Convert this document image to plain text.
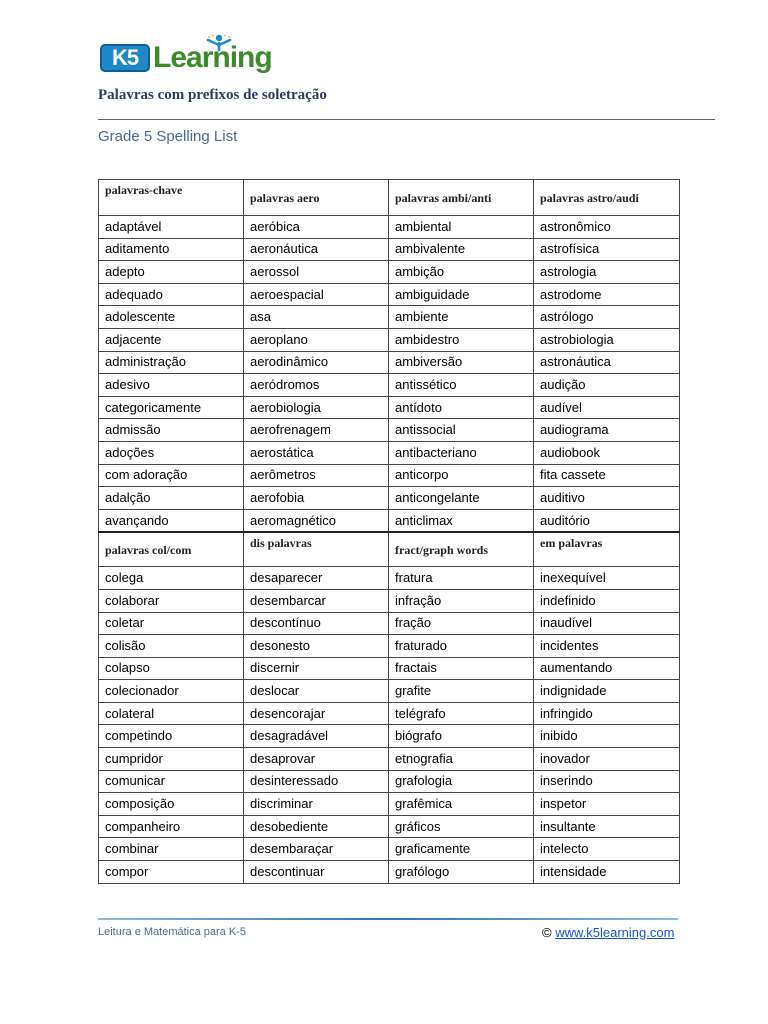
K5 Learning
Palavras com prefixos de soletração
Grade 5 Spelling List
palavras-chave	palavras aero	palavras ambi/anti	palavras astro/audi
adaptável	aeróbica	ambiental	astronômico
aditamento	aeronáutica	ambivalente	astrofísica
adepto	aerossol	ambição	astrologia
adequado	aeroespacial	ambiguidade	astrodome
adolescente	asa	ambiente	astrólogo
adjacente	aeroplano	ambidestro	astrobiologia
administração	aerodinâmico	ambiversão	astronáutica
adesivo	aeródromos	antissético	audição
categoricamente	aerobiologia	antídoto	audível
admissão	aerofrenagem	antissocial	audiograma
adoções	aerostática	antibacteriano	audiobook
com adoração	aerômetros	anticorpo	fita cassete
adalção	aerofobia	anticongelante	auditivo
avançando	aeromagnético	anticlimax	auditório
palavras col/com	dis palavras	fract/graph words	em palavras
colega	desaparecer	fratura	inexequível
colaborar	desembarcar	infração	indefinido
coletar	descontínuo	fração	inaudível
colisão	desonesto	fraturado	incidentes
colapso	discernir	fractais	aumentando
colecionador	deslocar	grafite	indignidade
colateral	desencorajar	telégrafo	infringido
competindo	desagradável	biógrafo	inibido
cumpridor	desaprovar	etnografia	inovador
comunicar	desinteressado	grafologia	inserindo
composição	discriminar	grafêmica	inspetor
companheiro	desobediente	gráficos	insultante
combinar	desembaraçar	graficamente	intelecto
compor	descontinuar	grafólogo	intensidade
Leitura e Matemática para K-5	© www.k5learning.com
